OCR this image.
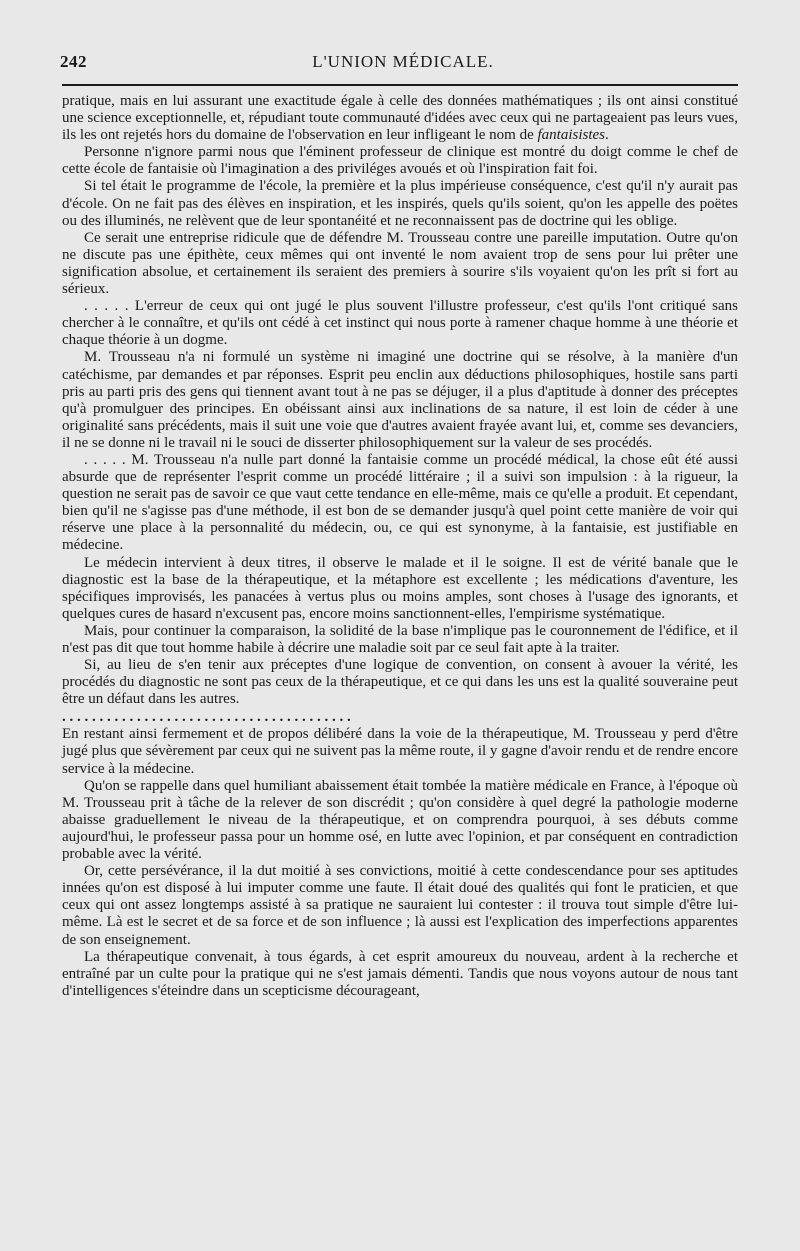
242	L'UNION MÉDICALE.

pratique, mais en lui assurant une exactitude égale à celle des données mathématiques ; ils ont ainsi constitué une science exceptionnelle, et, répudiant toute communauté d'idées avec ceux qui ne partageaient pas leurs vues, ils les ont rejetés hors du domaine de l'observation en leur infligeant le nom de fantaisistes.

Personne n'ignore parmi nous que l'éminent professeur de clinique est montré du doigt comme le chef de cette école de fantaisie où l'imagination a des priviléges avoués et où l'inspiration fait foi.

Si tel était le programme de l'école, la première et la plus impérieuse conséquence, c'est qu'il n'y aurait pas d'école. On ne fait pas des élèves en inspiration, et les inspirés, quels qu'ils soient, qu'on les appelle des poëtes ou des illuminés, ne relèvent que de leur spontanéité et ne reconnaissent pas de doctrine qui les oblige.

Ce serait une entreprise ridicule que de défendre M. Trousseau contre une pareille imputation. Outre qu'on ne discute pas une épithète, ceux mêmes qui ont inventé le nom avaient trop de sens pour lui prêter une signification absolue, et certainement ils seraient des premiers à sourire s'ils voyaient qu'on les prît si fort au sérieux.

. . . . . L'erreur de ceux qui ont jugé le plus souvent l'illustre professeur, c'est qu'ils l'ont critiqué sans chercher à le connaître, et qu'ils ont cédé à cet instinct qui nous porte à ramener chaque homme à une théorie et chaque théorie à un dogme.

M. Trousseau n'a ni formulé un système ni imaginé une doctrine qui se résolve, à la manière d'un catéchisme, par demandes et par réponses. Esprit peu enclin aux déductions philosophiques, hostile sans parti pris au parti pris des gens qui tiennent avant tout à ne pas se déjuger, il a plus d'aptitude à donner des préceptes qu'à promulguer des principes. En obéissant ainsi aux inclinations de sa nature, il est loin de céder à une originalité sans précédents, mais il suit une voie que d'autres avaient frayée avant lui, et, comme ses devanciers, il ne se donne ni le travail ni le souci de disserter philosophiquement sur la valeur de ses procédés.

. . . . . M. Trousseau n'a nulle part donné la fantaisie comme un procédé médical, la chose eût été aussi absurde que de représenter l'esprit comme un procédé littéraire ; il a suivi son impulsion : à la rigueur, la question ne serait pas de savoir ce que vaut cette tendance en elle-même, mais ce qu'elle a produit. Et cependant, bien qu'il ne s'agisse pas d'une méthode, il est bon de se demander jusqu'à quel point cette manière de voir qui réserve une place à la personnalité du médecin, ou, ce qui est synonyme, à la fantaisie, est justifiable en médecine.

Le médecin intervient à deux titres, il observe le malade et il le soigne. Il est de vérité banale que le diagnostic est la base de la thérapeutique, et la métaphore est excellente ; les médications d'aventure, les spécifiques improvisés, les panacées à vertus plus ou moins amples, sont choses à l'usage des ignorants, et quelques cures de hasard n'excusent pas, encore moins sanctionnent-elles, l'empirisme systématique.

Mais, pour continuer la comparaison, la solidité de la base n'implique pas le couronnement de l'édifice, et il n'est pas dit que tout homme habile à décrire une maladie soit par ce seul fait apte à la traiter.

Si, au lieu de s'en tenir aux préceptes d'une logique de convention, on consent à avouer la vérité, les procédés du diagnostic ne sont pas ceux de la thérapeutique, et ce qui dans les uns est la qualité souveraine peut être un défaut dans les autres.

. . . . . . . . . . . . . . . . . . . . . . . . . . . . . . . . . . . . . . .

En restant ainsi fermement et de propos délibéré dans la voie de la thérapeutique, M. Trousseau y perd d'être jugé plus que sévèrement par ceux qui ne suivent pas la même route, il y gagne d'avoir rendu et de rendre encore service à la médecine.

Qu'on se rappelle dans quel humiliant abaissement était tombée la matière médicale en France, à l'époque où M. Trousseau prit à tâche de la relever de son discrédit ; qu'on considère à quel degré la pathologie moderne abaisse graduellement le niveau de la thérapeutique, et on comprendra pourquoi, à ses débuts comme aujourd'hui, le professeur passa pour un homme osé, en lutte avec l'opinion, et par conséquent en contradiction probable avec la vérité.

Or, cette persévérance, il la dut moitié à ses convictions, moitié à cette condescendance pour ses aptitudes innées qu'on est disposé à lui imputer comme une faute. Il était doué des qualités qui font le praticien, et que ceux qui ont assez longtemps assisté à sa pratique ne sauraient lui contester : il trouva tout simple d'être lui-même. Là est le secret et de sa force et de son influence ; là aussi est l'explication des imperfections apparentes de son enseignement.

La thérapeutique convenait, à tous égards, à cet esprit amoureux du nouveau, ardent à la recherche et entraîné par un culte pour la pratique qui ne s'est jamais démenti. Tandis que nous voyons autour de nous tant d'intelligences s'éteindre dans un scepticisme décourageant,
